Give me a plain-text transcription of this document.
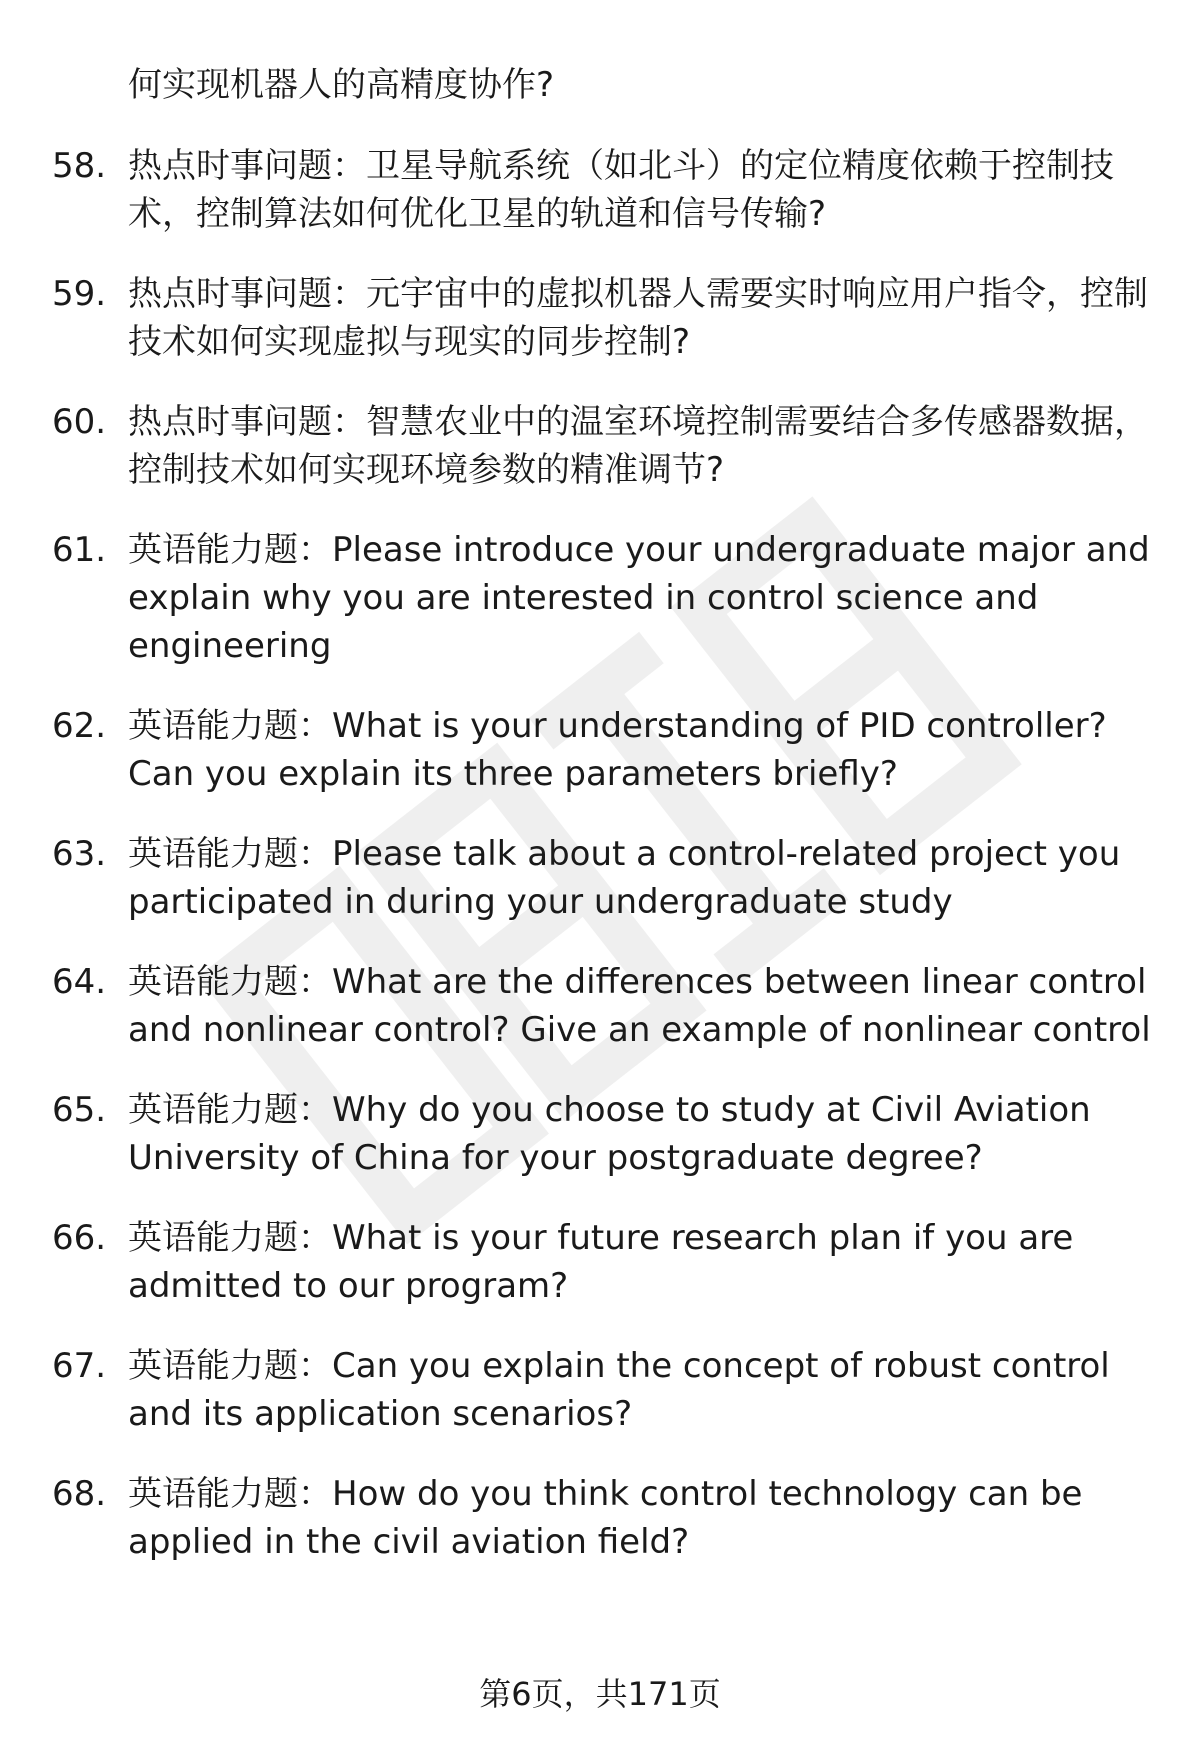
何实现机器人的高精度协作?
58. 热点时事问题：卫星导航系统（如北斗）的定位精度依赖于控制技术，控制算法如何优化卫星的轨道和信号传输?
59. 热点时事问题：元宇宙中的虚拟机器人需要实时响应用户指令，控制技术如何实现虚拟与现实的同步控制?
60. 热点时事问题：智慧农业中的温室环境控制需要结合多传感器数据，控制技术如何实现环境参数的精准调节?
61. 英语能力题：Please introduce your undergraduate major and explain why you are interested in control science and engineering
62. 英语能力题：What is your understanding of PID controller? Can you explain its three parameters briefly?
63. 英语能力题：Please talk about a control-related project you participated in during your undergraduate study
64. 英语能力题：What are the differences between linear control and nonlinear control? Give an example of nonlinear control
65. 英语能力题：Why do you choose to study at Civil Aviation University of China for your postgraduate degree?
66. 英语能力题：What is your future research plan if you are admitted to our program?
67. 英语能力题：Can you explain the concept of robust control and its application scenarios?
68. 英语能力题：How do you think control technology can be applied in the civil aviation field?
第6页，共171页
